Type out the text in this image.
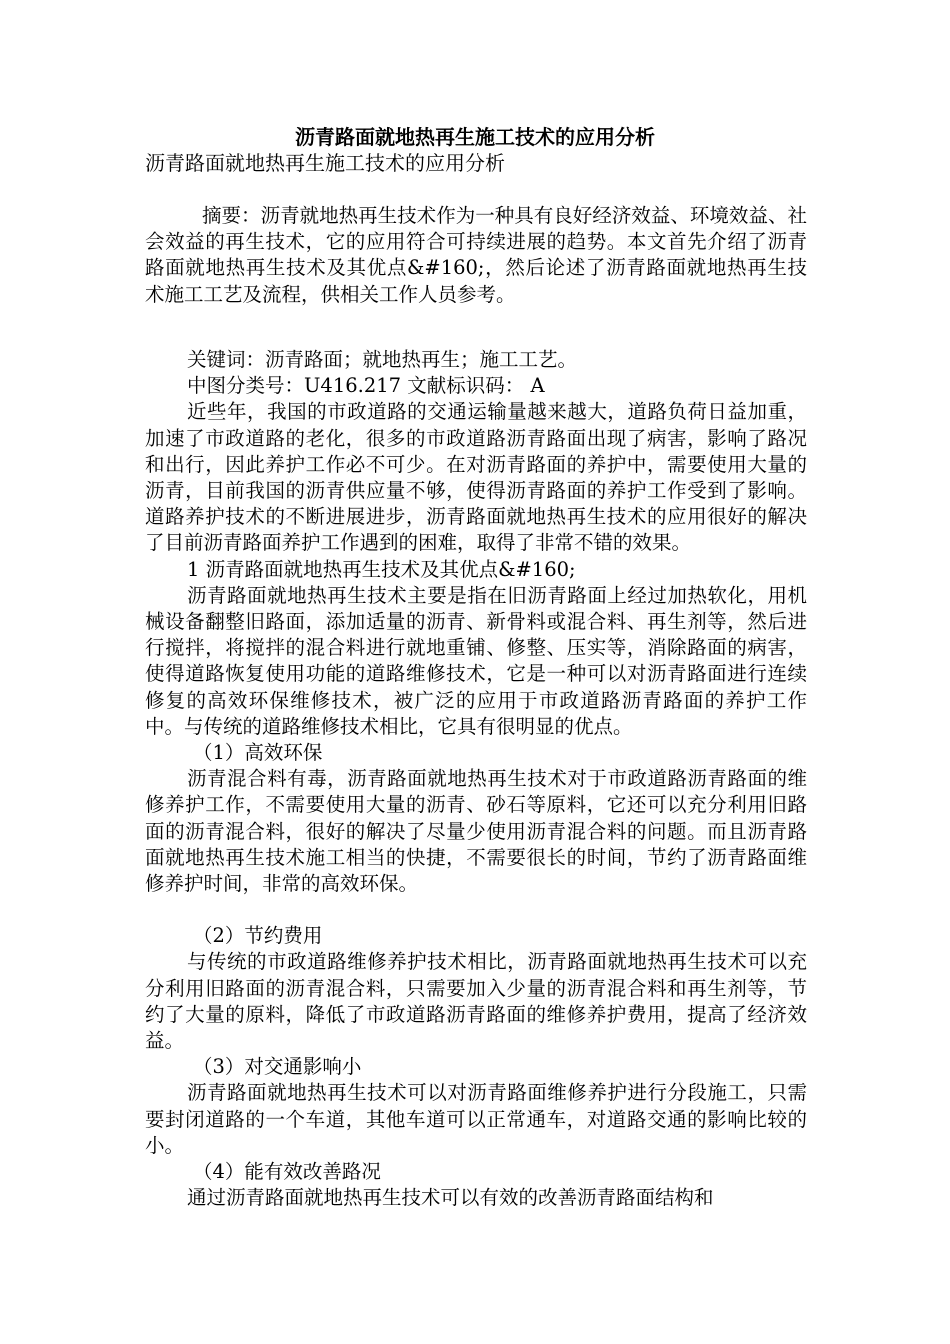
沥青路面就地热再生施工技术的应用分析
沥青路面就地热再生施工技术的应用分析
摘要：沥青就地热再生技术作为一种具有良好经济效益、环境效益、社会效益的再生技术，它的应用符合可持续进展的趋势。本文首先介绍了沥青路面就地热再生技术及其优点&#160;，然后论述了沥青路面就地热再生技术施工工艺及流程，供相关工作人员参考。

关键词：沥青路面；就地热再生；施工工艺。

中图分类号：U416.217 文献标识码： A

近些年，我国的市政道路的交通运输量越来越大，道路负荷日益加重，加速了市政道路的老化，很多的市政道路沥青路面出现了病害，影响了路况和出行，因此养护工作必不可少。在对沥青路面的养护中，需要使用大量的沥青，目前我国的沥青供应量不够，使得沥青路面的养护工作受到了影响。道路养护技术的不断进展进步，沥青路面就地热再生技术的应用很好的解决了目前沥青路面养护工作遇到的困难，取得了非常不错的效果。

1 沥青路面就地热再生技术及其优点&#160;

沥青路面就地热再生技术主要是指在旧沥青路面上经过加热软化，用机械设备翻整旧路面，添加适量的沥青、新骨料或混合料、再生剂等，然后进行搅拌，将搅拌的混合料进行就地重铺、修整、压实等，消除路面的病害，使得道路恢复使用功能的道路维修技术，它是一种可以对沥青路面进行连续修复的高效环保维修技术，被广泛的应用于市政道路沥青路面的养护工作中。与传统的道路维修技术相比，它具有很明显的优点。

（1）高效环保

沥青混合料有毒，沥青路面就地热再生技术对于市政道路沥青路面的维修养护工作，不需要使用大量的沥青、砂石等原料，它还可以充分利用旧路面的沥青混合料，很好的解决了尽量少使用沥青混合料的问题。而且沥青路面就地热再生技术施工相当的快捷，不需要很长的时间，节约了沥青路面维修养护时间，非常的高效环保。

（2）节约费用

与传统的市政道路维修养护技术相比，沥青路面就地热再生技术可以充分利用旧路面的沥青混合料，只需要加入少量的沥青混合料和再生剂等，节约了大量的原料，降低了市政道路沥青路面的维修养护费用，提高了经济效益。

（3）对交通影响小

沥青路面就地热再生技术可以对沥青路面维修养护进行分段施工，只需要封闭道路的一个车道，其他车道可以正常通车，对道路交通的影响比较的小。

（4）能有效改善路况

通过沥青路面就地热再生技术可以有效的改善沥青路面结构和
